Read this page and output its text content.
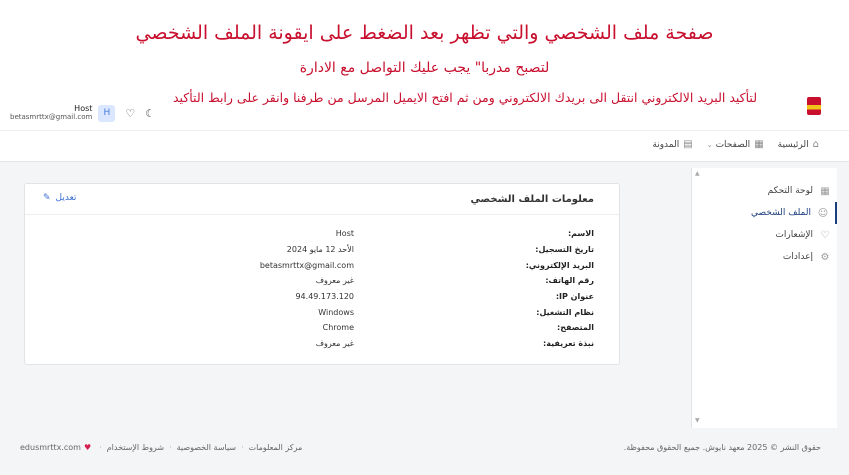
صفحة ملف الشخصي والتي تظهر بعد الضغط على ايقونة الملف الشخصي
لتصبح مدربا" يجب عليك التواصل مع الادارة
لتأكيد البريد الالكتروني انتقل الى بريدك الالكتروني ومن ثم افتح الايميل المرسل من طرفنا وانقر على رابط التأكيد
Host
betasmrttx@gmail.com	H	♡ ☾
⌂
الرئيسية
▦
الصفحات
⌄
▤
المدونة
▦
لوحة التحكم
☺
الملف الشخصي
♡
الإشعارات
⚙
إعدادات
▲
▼
معلومات الملف الشخصي
تعديل
✎
الاسم:
Host
تاريخ التسجيل:
الأحد 12 مايو 2024
البريد الإلكتروني:
betasmrttx@gmail.com
رقم الهاتف:
غير معروف
عنوان IP:
94.49.173.120
نظام التشغيل:
Windows
المتصفح:
Chrome
نبذة تعريفية:
غير معروف
حقوق النشر © 2025 معهد نايوش. جميع الحقوق محفوظة.
edusmrttx.com ♥ · شروط الإستخدام · سياسة الخصوصية · مركز المعلومات
